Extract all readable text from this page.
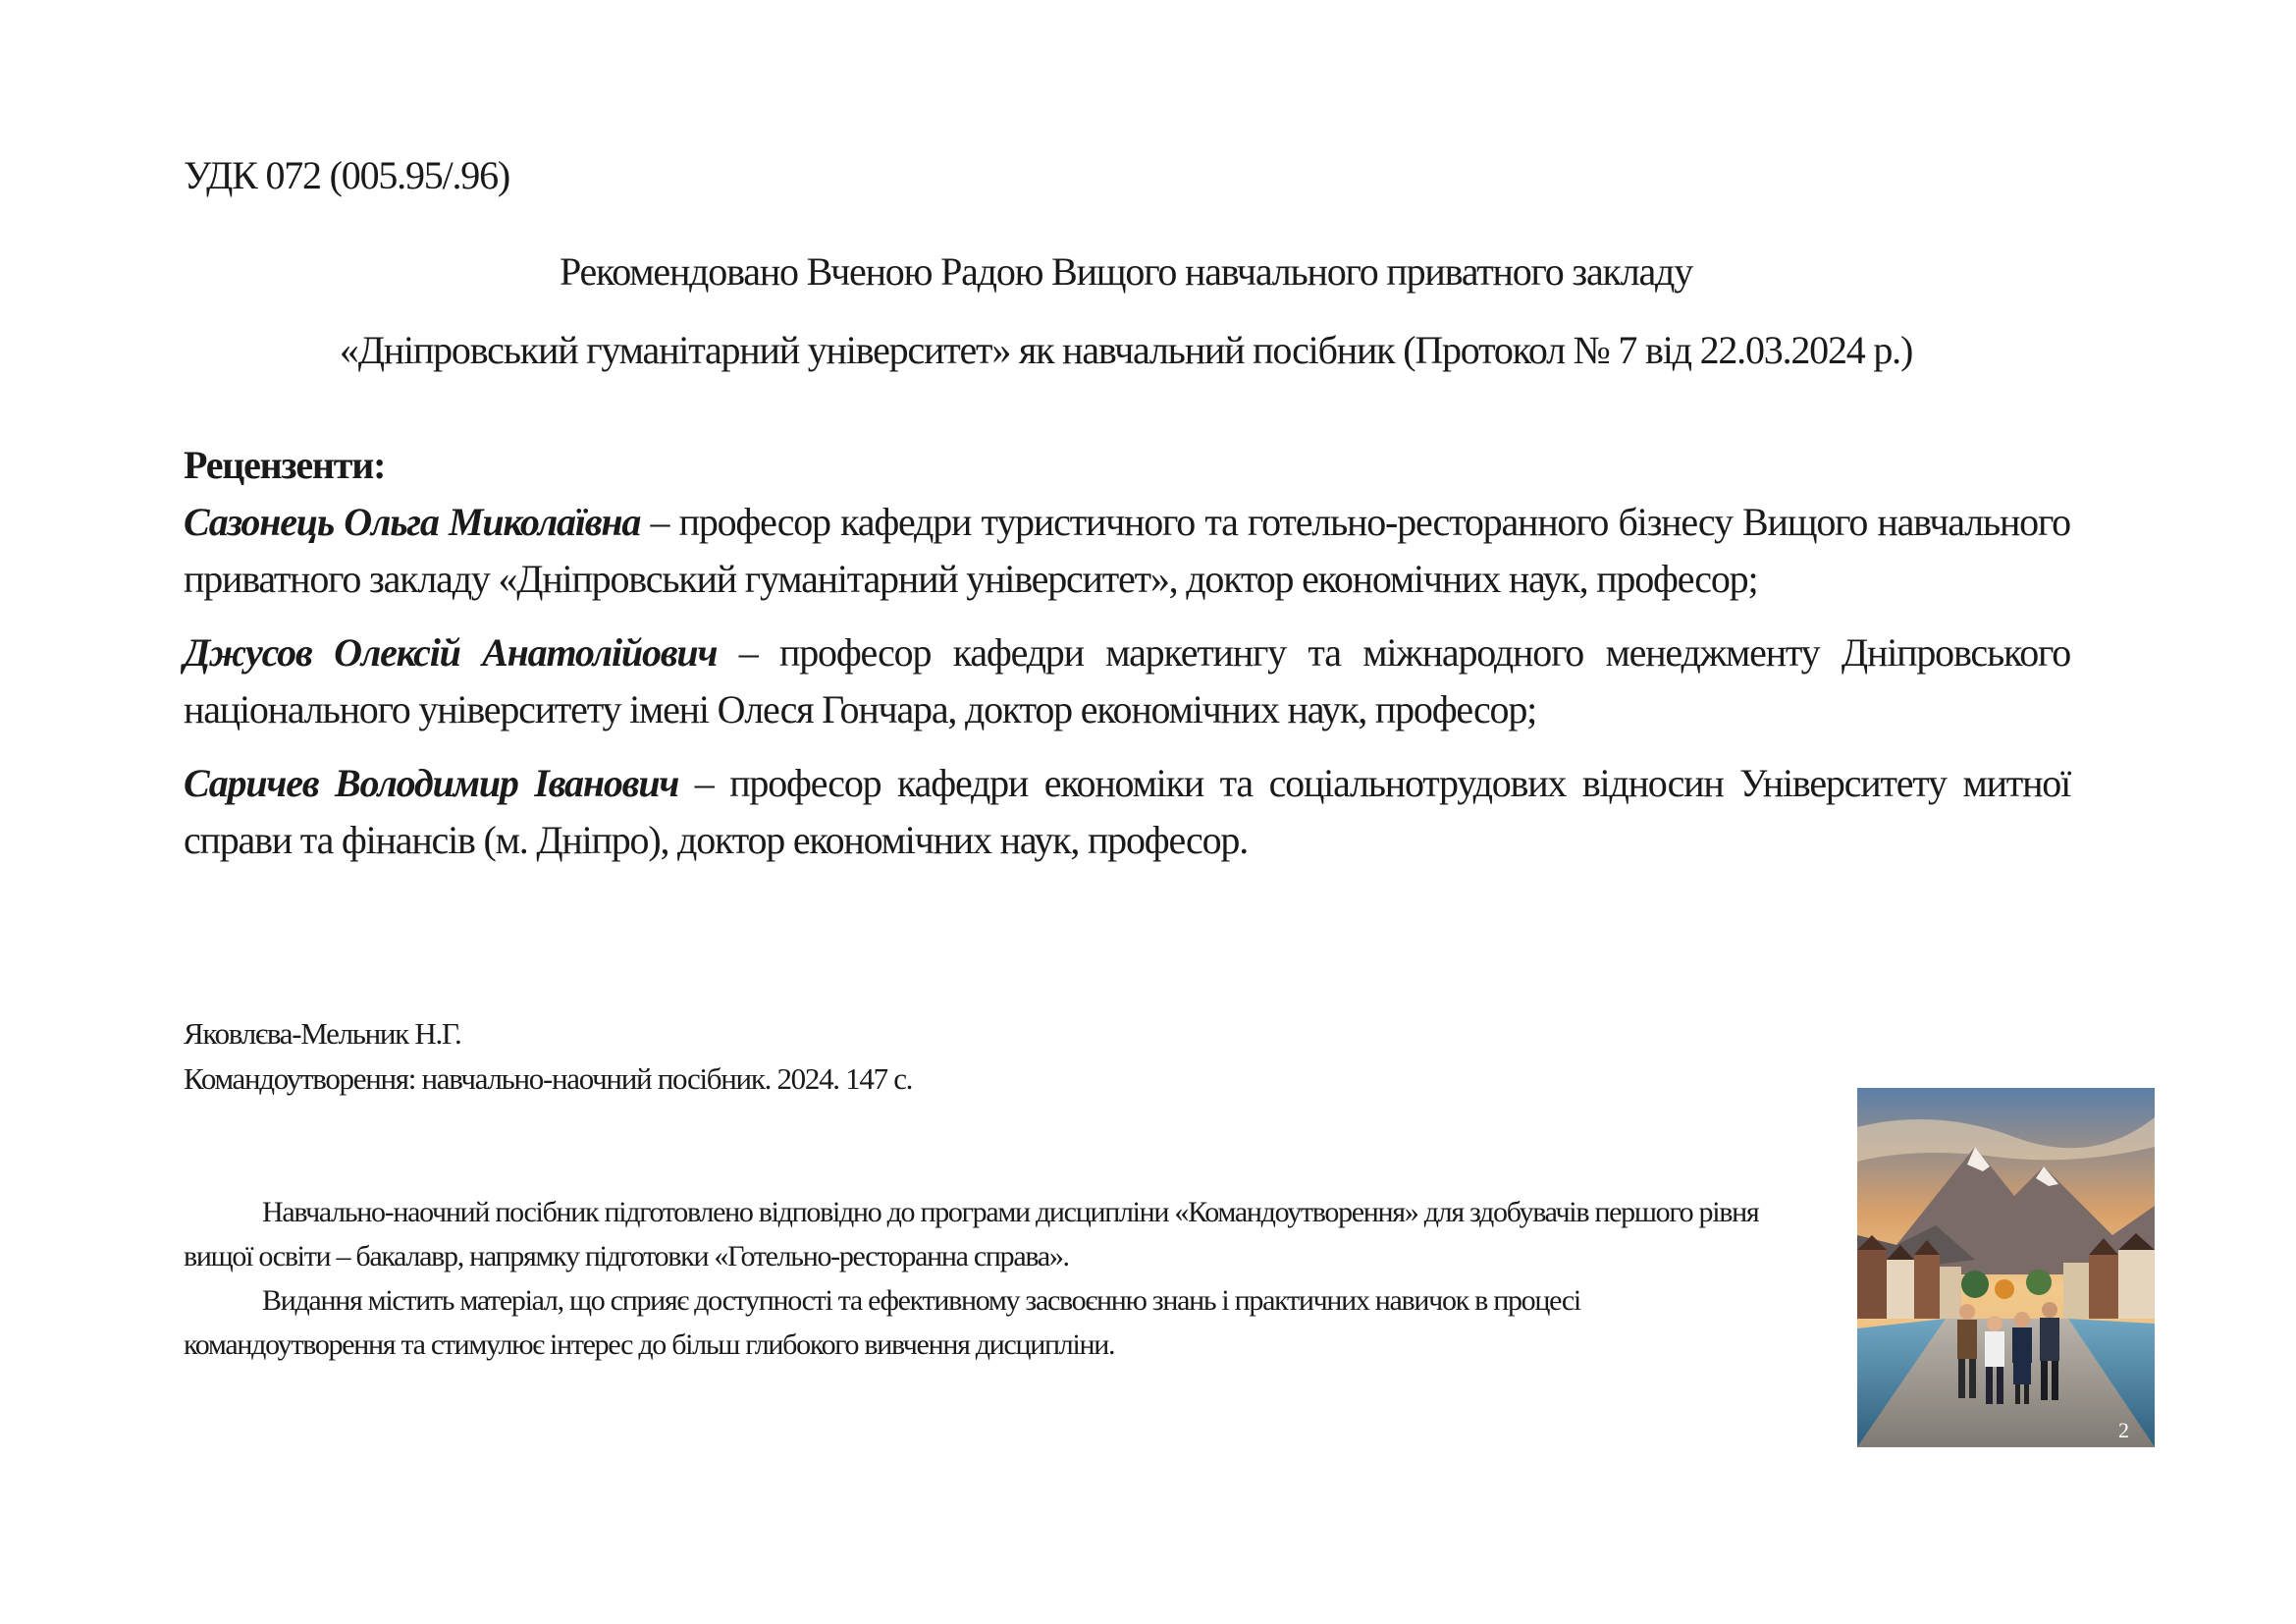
УДК 072 (005.95/.96)
Рекомендовано Вченою Радою Вищого навчального приватного закладу
«Дніпровський гуманітарний університет» як навчальний посібник (Протокол № 7 від 22.03.2024 р.)

Рецензенти:

Сазонець Ольга Миколаївна – професор кафедри туристичного та готельно-ресторанного бізнесу Вищого навчального приватного закладу «Дніпровський гуманітарний університет», доктор економічних наук, професор;

Джусов Олексій Анатолійович – професор кафедри маркетингу та міжнародного менеджменту Дніпровського національного університету імені Олеся Гончара, доктор економічних наук, професор;

Саричев Володимир Іванович – професор кафедри економіки та соціальнотрудових відносин Університету митної справи та фінансів (м. Дніпро), доктор економічних наук, професор.

Яковлєва-Мельник Н.Г.
Командоутворення: навчально-наочний посібник. 2024. 147 с.

Навчально-наочний посібник підготовлено відповідно до програми дисципліни «Командоутворення» для здобувачів першого рівня вищої освіти – бакалавр, напрямку підготовки «Готельно-ресторанна справа».

Видання містить матеріал, що сприяє доступності та ефективному засвоєнню знань і практичних навичок в процесі командоутворення та стимулює інтерес до більш глибокого вивчення дисципліни.

2
